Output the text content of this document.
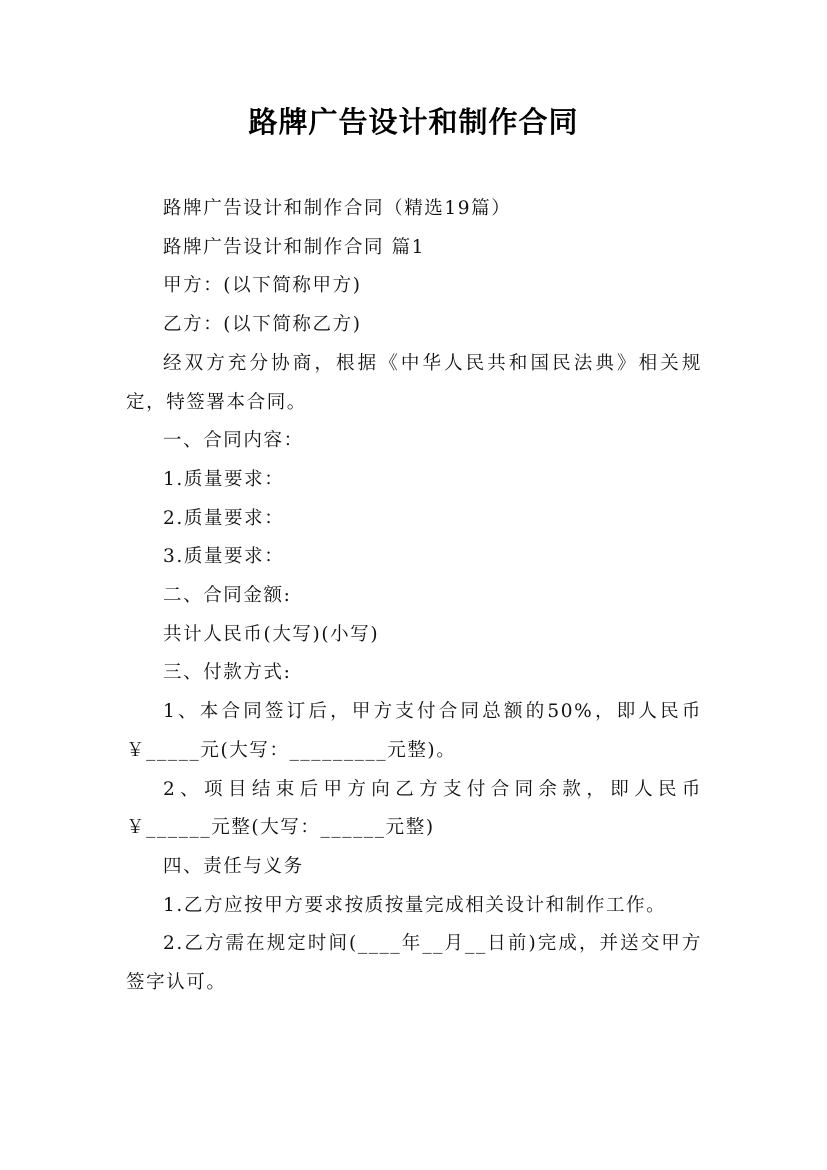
路牌广告设计和制作合同

路牌广告设计和制作合同（精选19篇）

路牌广告设计和制作合同 篇1

甲方：(以下简称甲方)

乙方：(以下简称乙方)

经双方充分协商，根据《中华人民共和国民法典》相关规定，特签署本合同。

一、合同内容：

1.质量要求：

2.质量要求：

3.质量要求：

二、合同金额:

共计人民币(大写)(小写)

三、付款方式:

1、本合同签订后，甲方支付合同总额的50%，即人民币￥_____元(大写：_________元整)。

2、项目结束后甲方向乙方支付合同余款，即人民币￥______元整(大写：______元整)

四、责任与义务

1.乙方应按甲方要求按质按量完成相关设计和制作工作。

2.乙方需在规定时间(____年__月__日前)完成，并送交甲方签字认可。
